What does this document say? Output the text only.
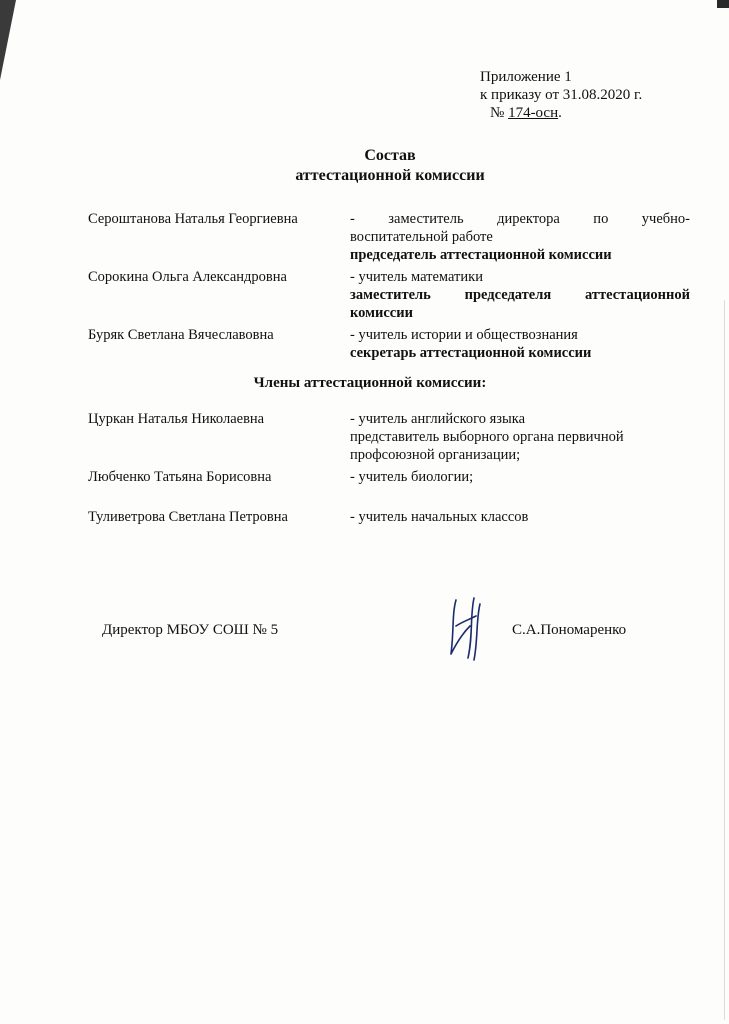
Приложение 1
к приказу от 31.08.2020 г.
№ 174-осн.
Состав
аттестационной комиссии
Сероштанова Наталья Георгиевна	- заместитель директора по учебно-
воспитательной работе
председатель аттестационной комиссии
Сорокина Ольга Александровна	- учитель математики
заместитель председателя аттестационной
комиссии
Буряк Светлана Вячеславовна	- учитель истории и обществознания
секретарь аттестационной комиссии
Члены аттестационной комиссии:
Цуркан Наталья Николаевна	- учитель английского языка
представитель выборного органа первичной
профсоюзной организации;
Любченко Татьяна Борисовна	- учитель биологии;
Туливетрова Светлана Петровна	- учитель начальных классов
Директор МБОУ СОШ № 5	С.А.Пономаренко
